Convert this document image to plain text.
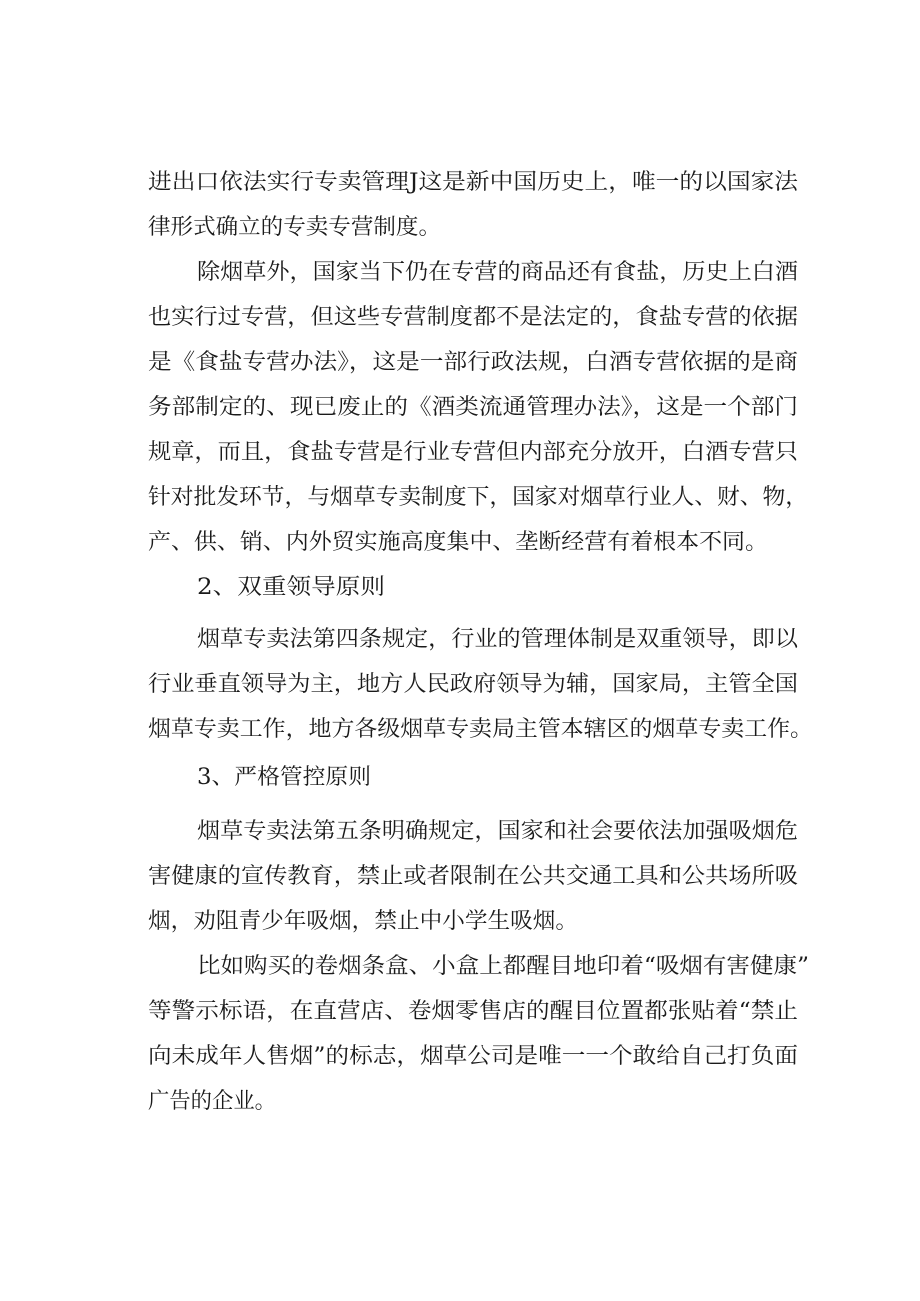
进出口依法实行专卖管理J这是新中国历史上，唯一的以国家法
律形式确立的专卖专营制度。
除烟草外，国家当下仍在专营的商品还有食盐，历史上白酒
也实行过专营，但这些专营制度都不是法定的，食盐专营的依据
是《食盐专营办法》，这是一部行政法规，白酒专营依据的是商
务部制定的、现已废止的《酒类流通管理办法》，这是一个部门
规章，而且，食盐专营是行业专营但内部充分放开，白酒专营只
针对批发环节，与烟草专卖制度下，国家对烟草行业人、财、物，
产、供、销、内外贸实施高度集中、垄断经营有着根本不同。
2、双重领导原则
烟草专卖法第四条规定，行业的管理体制是双重领导，即以
行业垂直领导为主，地方人民政府领导为辅，国家局，主管全国
烟草专卖工作，地方各级烟草专卖局主管本辖区的烟草专卖工作。
3、严格管控原则
烟草专卖法第五条明确规定，国家和社会要依法加强吸烟危
害健康的宣传教育，禁止或者限制在公共交通工具和公共场所吸
烟，劝阻青少年吸烟，禁止中小学生吸烟。
比如购买的卷烟条盒、小盒上都醒目地印着“吸烟有害健康”
等警示标语，在直营店、卷烟零售店的醒目位置都张贴着“禁止
向未成年人售烟”的标志，烟草公司是唯一一个敢给自己打负面
广告的企业。
